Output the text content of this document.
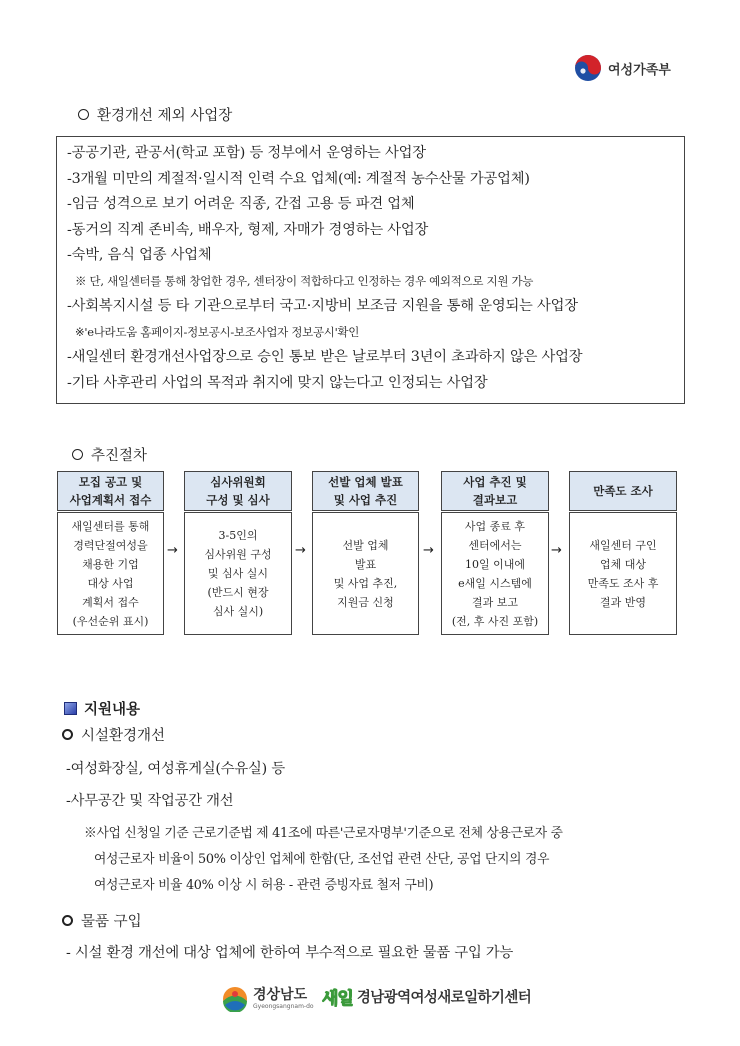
여성가족부
환경개선 제외 사업장
-공공기관, 관공서(학교 포함) 등 정부에서 운영하는 사업장
-3개월 미만의 계절적·일시적 인력 수요 업체(예: 계절적 농수산물 가공업체)
-임금 성격으로 보기 어려운 직종, 간접 고용 등 파견 업체
-동거의 직계 존비속, 배우자, 형제, 자매가 경영하는 사업장
-숙박, 음식 업종 사업체
※ 단, 새일센터를 통해 창업한 경우, 센터장이 적합하다고 인정하는 경우 예외적으로 지원 가능
-사회복지시설 등 타 기관으로부터 국고·지방비 보조금 지원을 통해 운영되는 사업장
※'e나라도움 홈페이지-정보공시-보조사업자 정보공시'확인
-새일센터 환경개선사업장으로 승인 통보 받은 날로부터 3년이 초과하지 않은 사업장
-기타 사후관리 사업의 목적과 취지에 맞지 않는다고 인정되는 사업장
추진절차
모집 공고 및
사업계획서 접수
새일센터를 통해
경력단절여성을
채용한 기업
대상 사업
계획서 접수
(우선순위 표시)
→
심사위원회
구성 및 심사
3-5인의
심사위원 구성
및 심사 실시
(반드시 현장
심사 실시)
→
선발 업체 발표
및 사업 추진
선발 업체
발표
및 사업 추진,
지원금 신청
→
사업 추진 및
결과보고
사업 종료 후
센터에서는
10일 이내에
e새일 시스템에
결과 보고
(전, 후 사진 포함)
→
만족도 조사
새일센터 구인
업체 대상
만족도 조사 후
결과 반영
지원내용
시설환경개선
-여성화장실, 여성휴게실(수유실) 등
-사무공간 및 작업공간 개선
※사업 신청일 기준 근로기준법 제 41조에 따른'근로자명부'기준으로 전체 상용근로자 중
여성근로자 비율이 50% 이상인 업체에 한함(단, 조선업 관련 산단, 공업 단지의 경우
여성근로자 비율 40% 이상 시 허용 - 관련 증빙자료 철저 구비)
물품 구입
- 시설 환경 개선에 대상 업체에 한하여 부수적으로 필요한 물품 구입 가능
경상남도
Gyeongsangnam-do 새일 경남광역여성새로일하기센터
